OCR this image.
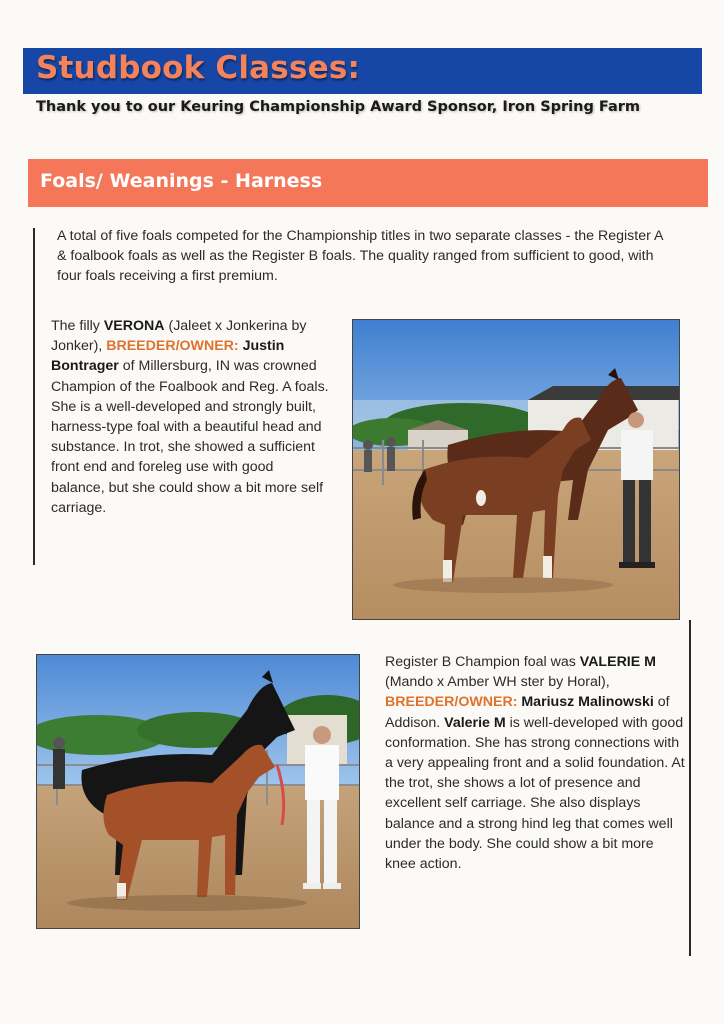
Studbook Classes:
Thank you to our Keuring Championship Award Sponsor, Iron Spring Farm
Foals/ Weanings - Harness
A total of five foals competed for the Championship titles in two separate classes - the Register A & foalbook foals as well as the Register B foals. The quality ranged from sufficient to good, with four foals receiving a first premium.
The filly VERONA (Jaleet x Jonkerina by Jonker), BREEDER/OWNER: Justin Bontrager of Millersburg, IN was crowned Champion of the Foalbook and Reg. A foals. She is a well-developed and strongly built, harness-type foal with a beautiful head and substance. In trot, she showed a sufficient front end and foreleg use with good balance, but she could show a bit more self carriage.
Register B Champion foal was VALERIE M (Mando x Amber WH ster by Horal), BREEDER/OWNER: Mariusz Malinowski of Addison. Valerie M is well-developed with good conformation. She has strong connections with a very appealing front and a solid foundation. At the trot, she shows a lot of presence and excellent self carriage. She also displays balance and a strong hind leg that comes well under the body. She could show a bit more knee action.
